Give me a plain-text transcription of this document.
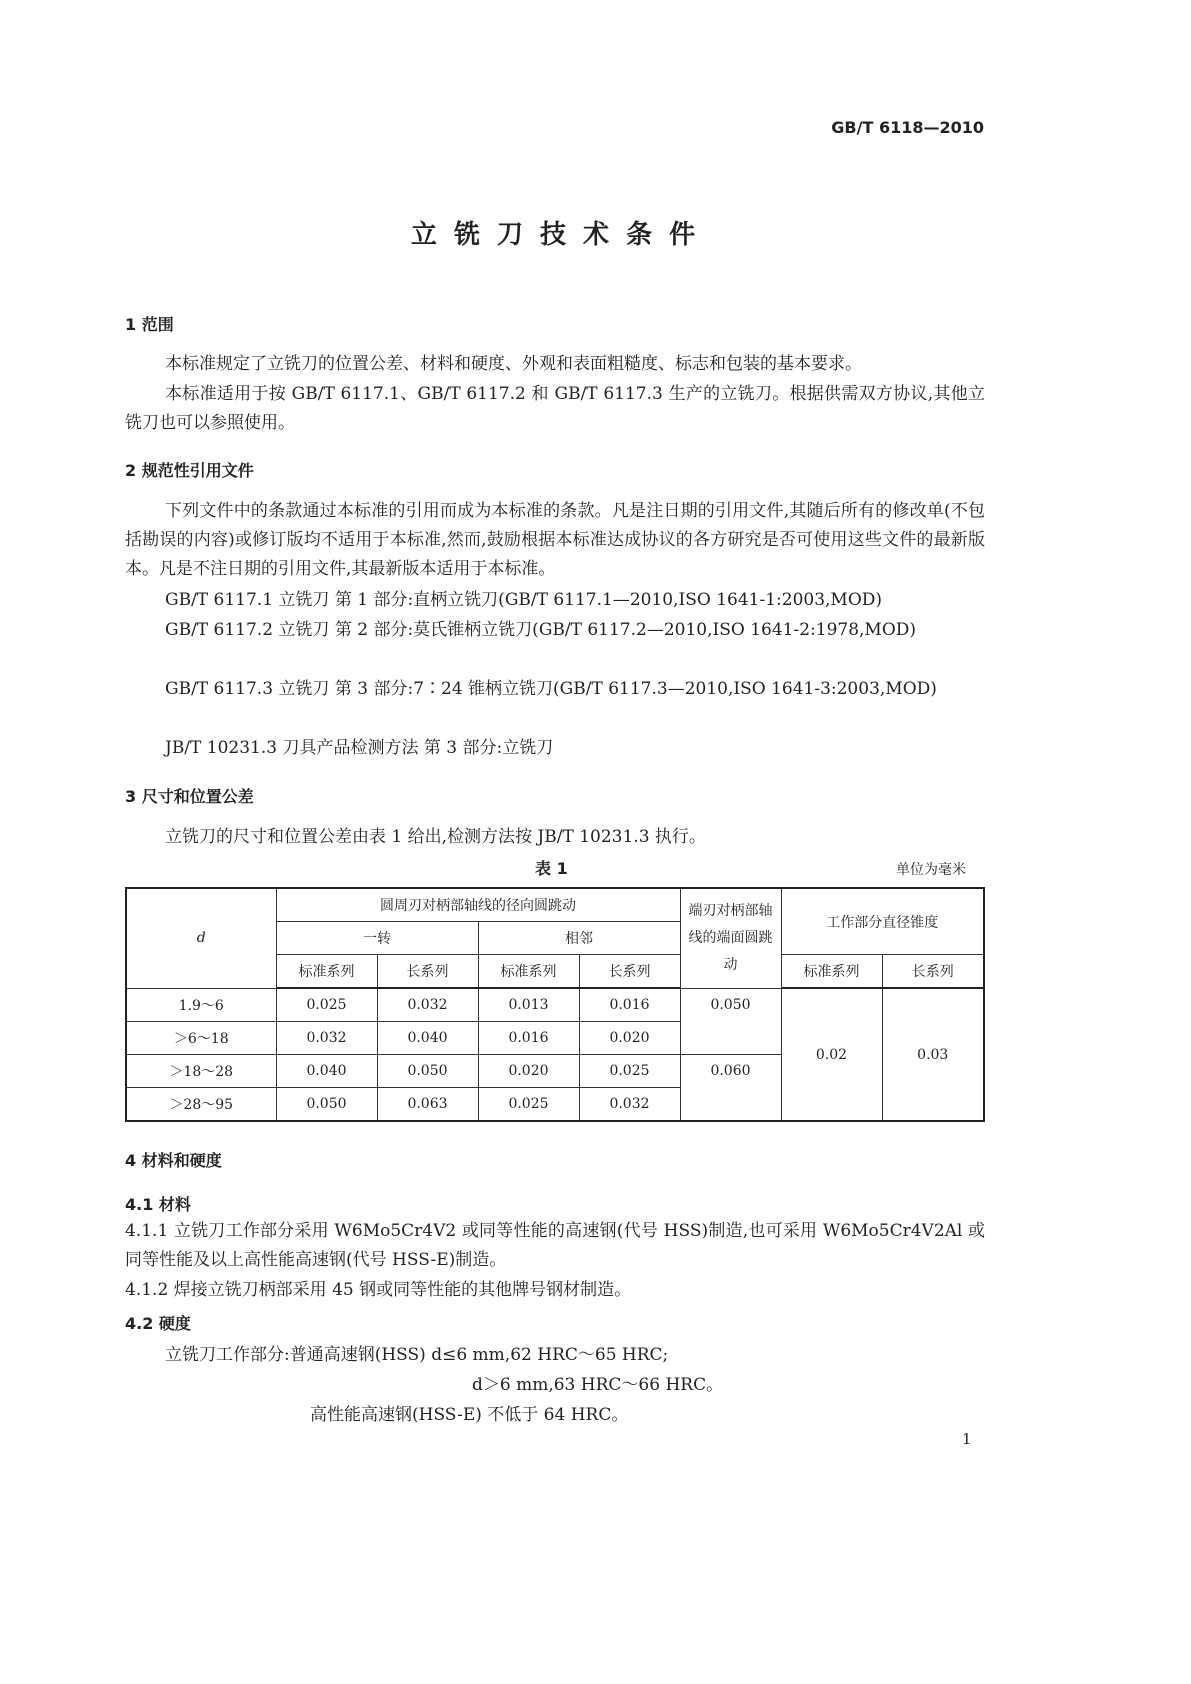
GB/T 6118—2010
立 铣 刀 技 术 条 件
1 范围
本标准规定了立铣刀的位置公差、材料和硬度、外观和表面粗糙度、标志和包装的基本要求。
本标准适用于按 GB/T 6117.1、GB/T 6117.2 和 GB/T 6117.3 生产的立铣刀。根据供需双方协议,其他立铣刀也可以参照使用。
2 规范性引用文件
下列文件中的条款通过本标准的引用而成为本标准的条款。凡是注日期的引用文件,其随后所有的修改单(不包括勘误的内容)或修订版均不适用于本标准,然而,鼓励根据本标准达成协议的各方研究是否可使用这些文件的最新版本。凡是不注日期的引用文件,其最新版本适用于本标准。
GB/T 6117.1 立铣刀 第 1 部分:直柄立铣刀(GB/T 6117.1—2010,ISO 1641-1:2003,MOD)
GB/T 6117.2 立铣刀 第 2 部分:莫氏锥柄立铣刀(GB/T 6117.2—2010,ISO 1641-2:1978,MOD)
GB/T 6117.3 立铣刀 第 3 部分:7∶24 锥柄立铣刀(GB/T 6117.3—2010,ISO 1641-3:2003,MOD)
JB/T 10231.3 刀具产品检测方法 第 3 部分:立铣刀
3 尺寸和位置公差
立铣刀的尺寸和位置公差由表 1 给出,检测方法按 JB/T 10231.3 执行。
表 1	单位为毫米
d	圆周刃对柄部轴线的径向圆跳动				端刃对柄部轴线的端面圆跳动	工作部分直径锥度	
	一转		相邻				
	标准系列	长系列	标准系列	长系列		标准系列	长系列
1.9～6	0.025	0.032	0.013	0.016	0.050	0.02	0.03
＞6～18	0.032	0.040	0.016	0.020			
＞18～28	0.040	0.050	0.020	0.025	0.060		
＞28～95	0.050	0.063	0.025	0.032			
4 材料和硬度
4.1 材料
4.1.1 立铣刀工作部分采用 W6Mo5Cr4V2 或同等性能的高速钢(代号 HSS)制造,也可采用 W6Mo5Cr4V2Al 或同等性能及以上高性能高速钢(代号 HSS-E)制造。
4.1.2 焊接立铣刀柄部采用 45 钢或同等性能的其他牌号钢材制造。
4.2 硬度
立铣刀工作部分:普通高速钢(HSS) d≤6 mm,62 HRC～65 HRC;
d＞6 mm,63 HRC～66 HRC。
高性能高速钢(HSS-E) 不低于 64 HRC。
1
